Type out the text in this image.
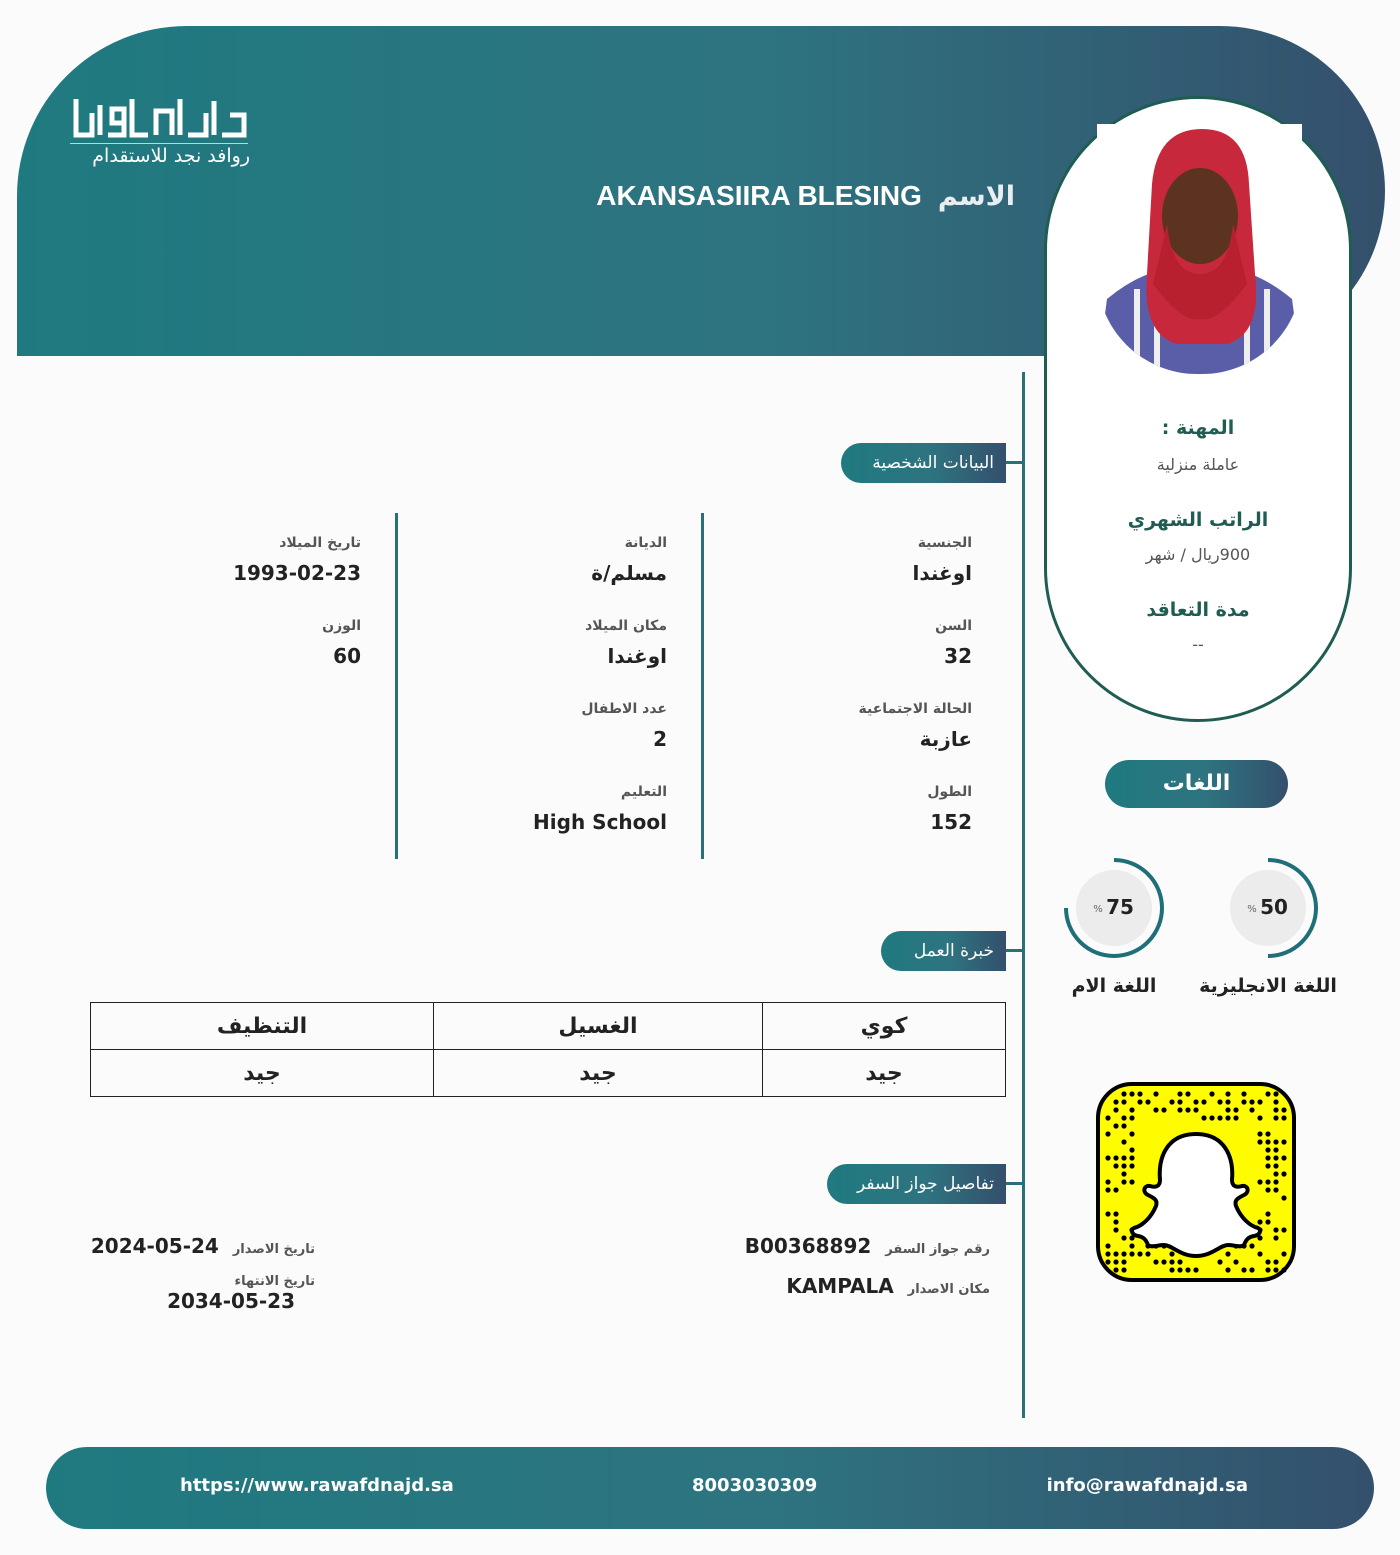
روافد نجد للاستقدام
AKANSASIIRA BLESING الاسم
المهنة :
عاملة منزلية
الراتب الشهري
900ريال / شهر
مدة التعاقد
--
البيانات الشخصية
الجنسية
اوغندا
السن
32
الحالة الاجتماعية
عازبة
الطول
152
الديانة
مسلم/ة
مكان الميلاد
اوغندا
عدد الاطفال
2
التعليم
High School
تاريخ الميلاد
1993-02-23
الوزن
60
خبرة العمل
كوي	الغسيل	التنظيف
جيد	جيد	جيد
تفاصيل جواز السفر
رقم جواز السفر
B00368892
مكان الاصدار
KAMPALA
تاريخ الاصدار
2024-05-24
تاريخ الانتهاء
2034-05-23
اللغات
50
%
اللغة الانجليزية
75
%
اللغة الام
info@rawafdnajd.sa
8003030309
https://www.rawafdnajd.sa
